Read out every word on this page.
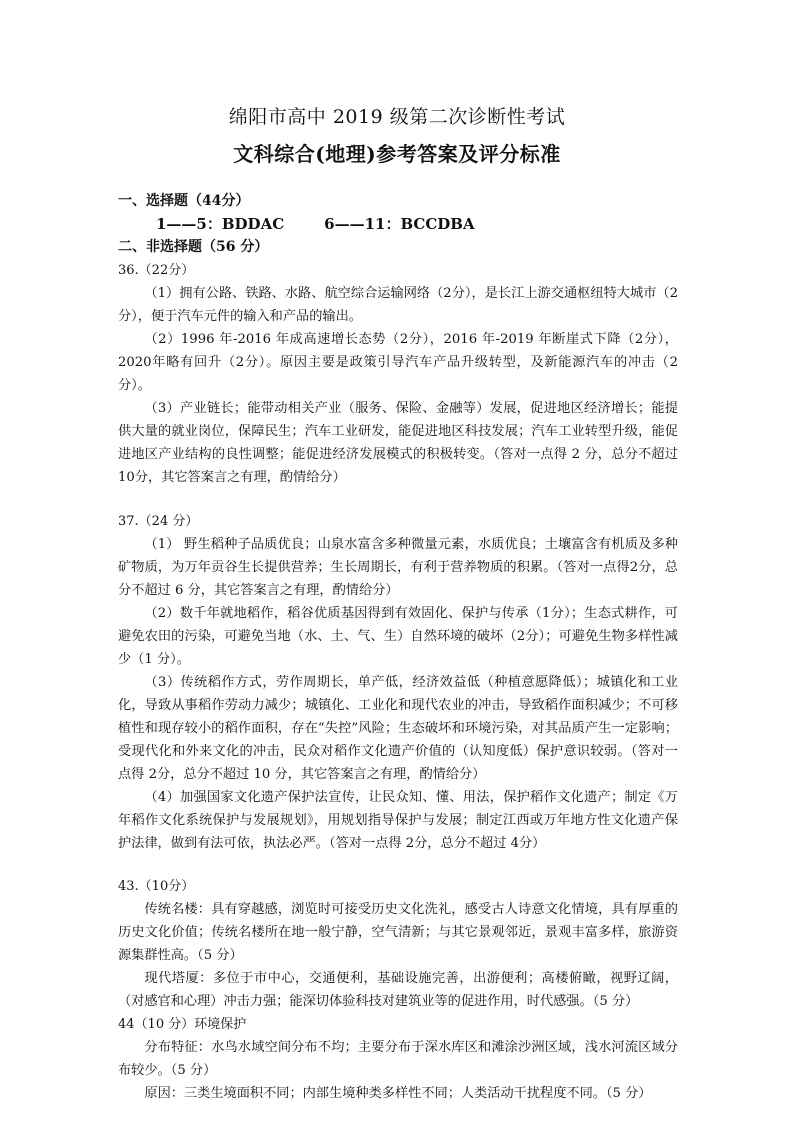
绵阳市高中 2019 级第二次诊断性考试
文科综合(地理)参考答案及评分标准
一、选择题（44分）
1——5：BDDAC	6——11：BCCDBA
二、非选择题（56 分）
36.（22分）

（1）拥有公路、铁路、水路、航空综合运输网络（2分），是长江上游交通枢纽特大城市（2分），便于汽车元件的输入和产品的输出。

（2）1996 年-2016 年成高速增长态势（2分），2016 年-2019 年断崖式下降（2分），2020年略有回升（2分）。原因主要是政策引导汽车产品升级转型，及新能源汽车的冲击（2分）。

（3）产业链长；能带动相关产业（服务、保险、金融等）发展，促进地区经济增长；能提供大量的就业岗位，保障民生；汽车工业研发，能促进地区科技发展；汽车工业转型升级，能促进地区产业结构的良性调整；能促进经济发展模式的积极转变。（答对一点得 2 分，总分不超过 10分，其它答案言之有理，酌情给分）

37.（24 分）

（1） 野生稻种子品质优良；山泉水富含多种微量元素，水质优良；土壤富含有机质及多种矿物质，为万年贡谷生长提供营养；生长周期长，有利于营养物质的积累。（答对一点得2分，总分不超过 6 分，其它答案言之有理，酌情给分）

（2）数千年就地稻作，稻谷优质基因得到有效固化、保护与传承（1分）；生态式耕作，可避免农田的污染，可避免当地（水、土、气、生）自然环境的破坏（2分）；可避免生物多样性减少（1 分）。

（3）传统稻作方式，劳作周期长，单产低，经济效益低（种植意愿降低）；城镇化和工业化，导致从事稻作劳动力减少；城镇化、工业化和现代农业的冲击，导致稻作面积减少；不可移植性和现存较小的稻作面积，存在“失控”风险；生态破坏和环境污染，对其品质产生一定影响；受现代化和外来文化的冲击，民众对稻作文化遗产价值的（认知度低）保护意识较弱。（答对一点得 2分，总分不超过 10 分，其它答案言之有理，酌情给分）

（4）加强国家文化遗产保护法宣传，让民众知、懂、用法，保护稻作文化遗产；制定《万年稻作文化系统保护与发展规划》，用规划指导保护与发展；制定江西或万年地方性文化遗产保护法律，做到有法可依，执法必严。（答对一点得 2分，总分不超过 4分）

43.（10分）

传统名楼：具有穿越感，浏览时可接受历史文化洗礼，感受古人诗意文化情境，具有厚重的历史文化价值；传统名楼所在地一般宁静，空气清新；与其它景观邻近，景观丰富多样，旅游资源集群性高。（5 分）

现代塔厦：多位于市中心，交通便利，基础设施完善，出游便利；高楼俯瞰，视野辽阔，（对感官和心理）冲击力强；能深切体验科技对建筑业等的促进作用，时代感强。（5 分）

44（10 分）环境保护

分布特征：水鸟水域空间分布不均；主要分布于深水库区和滩涂沙洲区域，浅水河流区域分布较少。（5 分）

原因：三类生境面积不同；内部生境种类多样性不同；人类活动干扰程度不同。（5 分）
